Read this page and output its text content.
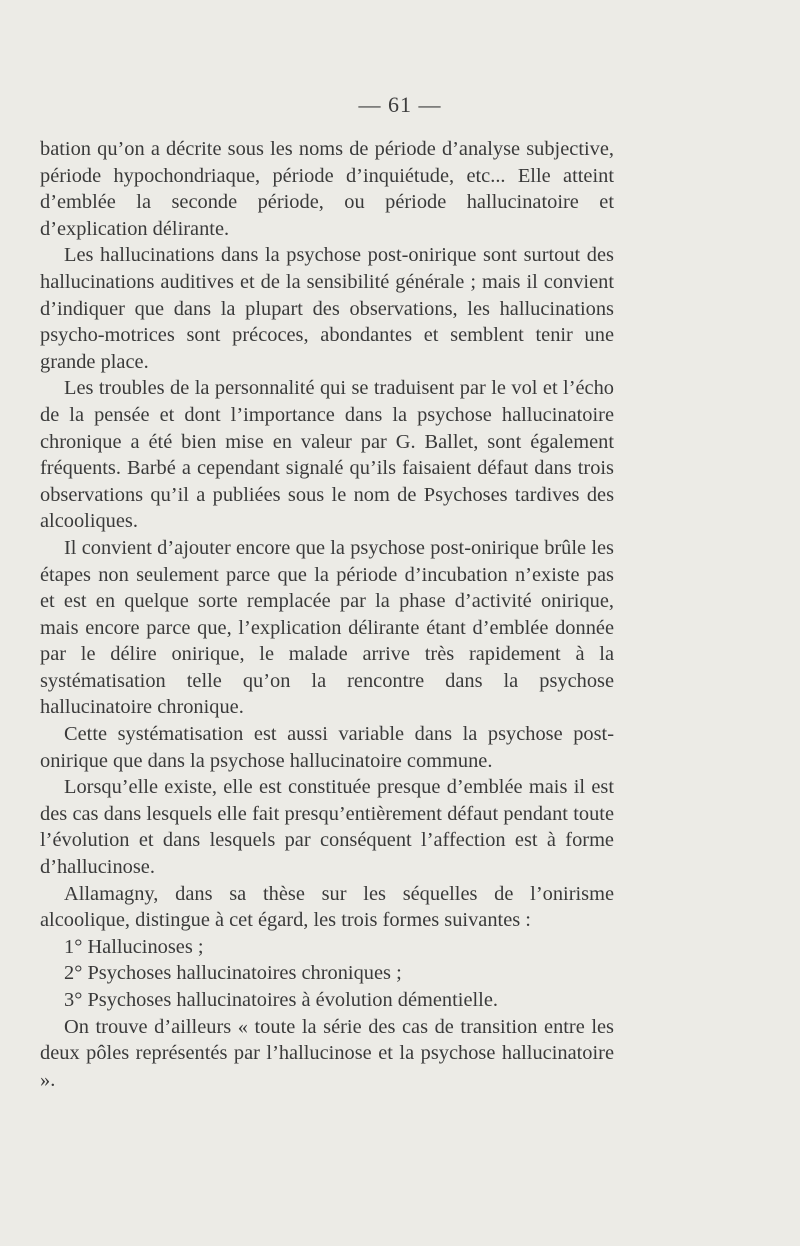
— 61 —

bation qu’on a décrite sous les noms de période d’analyse subjective, période hypochondriaque, période d’inquiétude, etc... Elle atteint d’emblée la seconde période, ou période hallucinatoire et d’explication délirante.

Les hallucinations dans la psychose post-onirique sont surtout des hallucinations auditives et de la sensibilité générale ; mais il convient d’indiquer que dans la plupart des observations, les hallucinations psycho-motrices sont précoces, abondantes et semblent tenir une grande place.

Les troubles de la personnalité qui se traduisent par le vol et l’écho de la pensée et dont l’importance dans la psychose hallucinatoire chronique a été bien mise en valeur par G. Ballet, sont également fréquents. Barbé a cependant signalé qu’ils faisaient défaut dans trois observations qu’il a publiées sous le nom de Psychoses tardives des alcooliques.

Il convient d’ajouter encore que la psychose post-onirique brûle les étapes non seulement parce que la période d’incubation n’existe pas et est en quelque sorte remplacée par la phase d’activité onirique, mais encore parce que, l’explication délirante étant d’emblée donnée par le délire onirique, le malade arrive très rapidement à la systématisation telle qu’on la rencontre dans la psychose hallucinatoire chronique.

Cette systématisation est aussi variable dans la psychose post-onirique que dans la psychose hallucinatoire commune.

Lorsqu’elle existe, elle est constituée presque d’emblée mais il est des cas dans lesquels elle fait presqu’entièrement défaut pendant toute l’évolution et dans lesquels par conséquent l’affection est à forme d’hallucinose.

Allamagny, dans sa thèse sur les séquelles de l’onirisme alcoolique, distingue à cet égard, les trois formes suivantes :

1° Hallucinoses ;

2° Psychoses hallucinatoires chroniques ;

3° Psychoses hallucinatoires à évolution démentielle.

On trouve d’ailleurs « toute la série des cas de transition entre les deux pôles représentés par l’hallucinose et la psychose hallucinatoire ».
